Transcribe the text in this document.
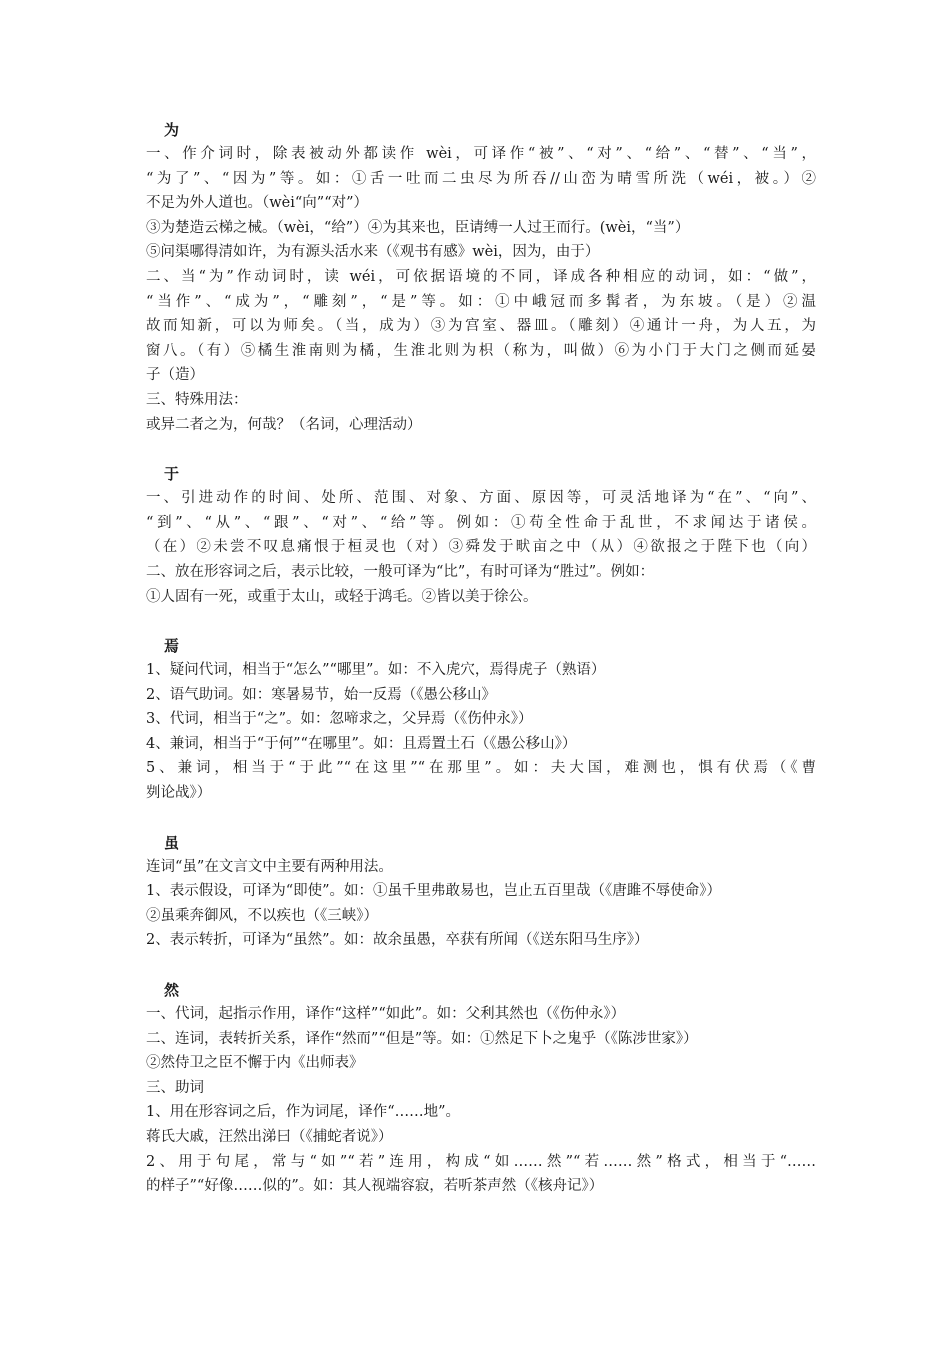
为
一、作介词时，除表被动外都读作 wèi，可译作“被”、“对”、“给”、“替”、“当”，
“为了”、“因为”等。如：①舌一吐而二虫尽为所吞//山峦为晴雪所洗（wéi，被。）②
不足为外人道也。（wèi“向”“对”）
③为楚造云梯之械。（wèi，“给”）④为其来也，臣请缚一人过王而行。(wèi，“当”）
⑤问渠哪得清如许，为有源头活水来（《观书有感》wèi，因为，由于）
二、当“为”作动词时，读 wéi，可依据语境的不同，译成各种相应的动词，如：“做”，
“当作”、“成为”，“雕刻”，“是”等。如：①中峨冠而多髯者，为东坡。（是）②温
故而知新，可以为师矣。（当，成为）③为宫室、器皿。（雕刻）④通计一舟，为人五，为
窗八。（有）⑤橘生淮南则为橘，生淮北则为枳（称为，叫做）⑥为小门于大门之侧而延晏
子（造）
三、特殊用法：
或异二者之为，何哉？（名词，心理活动）
于
一、引进动作的时间、处所、范围、对象、方面、原因等，可灵活地译为“在”、“向”、
“到”、“从”、“跟”、“对”、“给”等。例如：①苟全性命于乱世，不求闻达于诸侯。
（在）②未尝不叹息痛恨于桓灵也（对）③舜发于畎亩之中（从）④欲报之于陛下也（向）
二、放在形容词之后，表示比较，一般可译为“比”，有时可译为“胜过”。例如：
①人固有一死，或重于太山，或轻于鸿毛。②皆以美于徐公。
焉
1、疑问代词，相当于“怎么”“哪里”。如：不入虎穴，焉得虎子（熟语）
2、语气助词。如：寒暑易节，始一反焉（《愚公移山》
3、代词，相当于“之”。如：忽啼求之，父异焉（《伤仲永》）
4、兼词，相当于“于何”“在哪里”。如：且焉置土石（《愚公移山》）
5、兼词，相当于“于此”“在这里”“在那里”。如：夫大国，难测也，惧有伏焉（《曹
刿论战》）
虽
连词“虽”在文言文中主要有两种用法。
1、表示假设，可译为“即使”。如：①虽千里弗敢易也，岂止五百里哉（《唐雎不辱使命》）
②虽乘奔御风，不以疾也（《三峡》）
2、表示转折，可译为“虽然”。如：故余虽愚，卒获有所闻（《送东阳马生序》）
然
一、代词，起指示作用，译作“这样”“如此”。如：父利其然也（《伤仲永》）
二、连词，表转折关系，译作“然而”“但是”等。如：①然足下卜之鬼乎（《陈涉世家》）
②然侍卫之臣不懈于内《出师表》
三、助词
1、用在形容词之后，作为词尾，译作“……地”。
蒋氏大戚，汪然出涕曰（《捕蛇者说》）
2、用于句尾，常与“如”“若”连用，构成“如……然”“若……然”格式，相当于“……
的样子”“好像……似的”。如：其人视端容寂，若听茶声然（《核舟记》）
